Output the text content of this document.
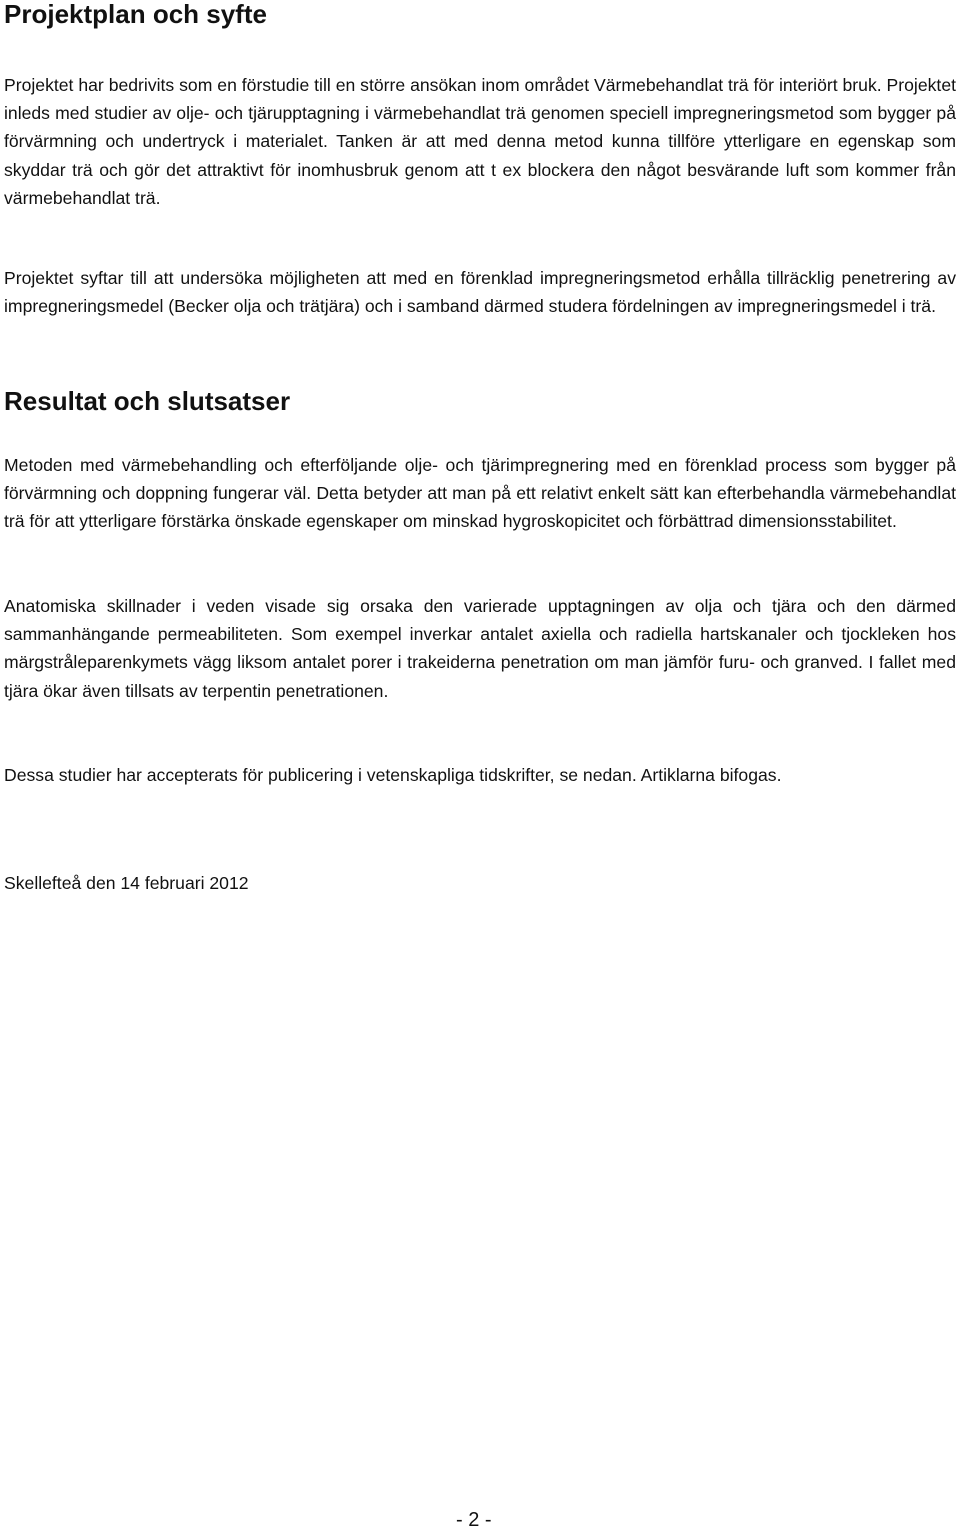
Projektplan och syfte

Projektet har bedrivits som en förstudie till en större ansökan inom området Värmebehandlat trä för interiört bruk. Projektet inleds med studier av olje- och tjärupptagning i värmebehandlat trä genomen speciell impregneringsmetod som bygger på förvärmning och undertryck i materialet. Tanken är att med denna metod kunna tillföre ytterligare en egenskap som skyddar trä och gör det attraktivt för inomhusbruk genom att t ex blockera den något besvärande luft som kommer från värmebehandlat trä.

Projektet syftar till att undersöka möjligheten att med en förenklad impregneringsmetod erhålla tillräcklig penetrering av impregneringsmedel (Becker olja och trätjära) och i samband därmed studera fördelningen av impregneringsmedel i trä.

Resultat och slutsatser

Metoden med värmebehandling och efterföljande olje- och tjärimpregnering med en förenklad process som bygger på förvärmning och doppning fungerar väl. Detta betyder att man på ett relativt enkelt sätt kan efterbehandla värmebehandlat trä för att ytterligare förstärka önskade egenskaper om minskad hygroskopicitet och förbättrad dimensionsstabilitet.

Anatomiska skillnader i veden visade sig orsaka den varierade upptagningen av olja och tjära och den därmed sammanhängande permeabiliteten. Som exempel inverkar antalet axiella och radiella hartskanaler och tjockleken hos märgstråleparenkymets vägg liksom antalet porer i trakeiderna penetration om man jämför furu- och granved. I fallet med tjära ökar även tillsats av terpentin penetrationen.

Dessa studier har accepterats för publicering i vetenskapliga tidskrifter, se nedan. Artiklarna bifogas.

Skellefteå den 14 februari 2012

- 2 -
